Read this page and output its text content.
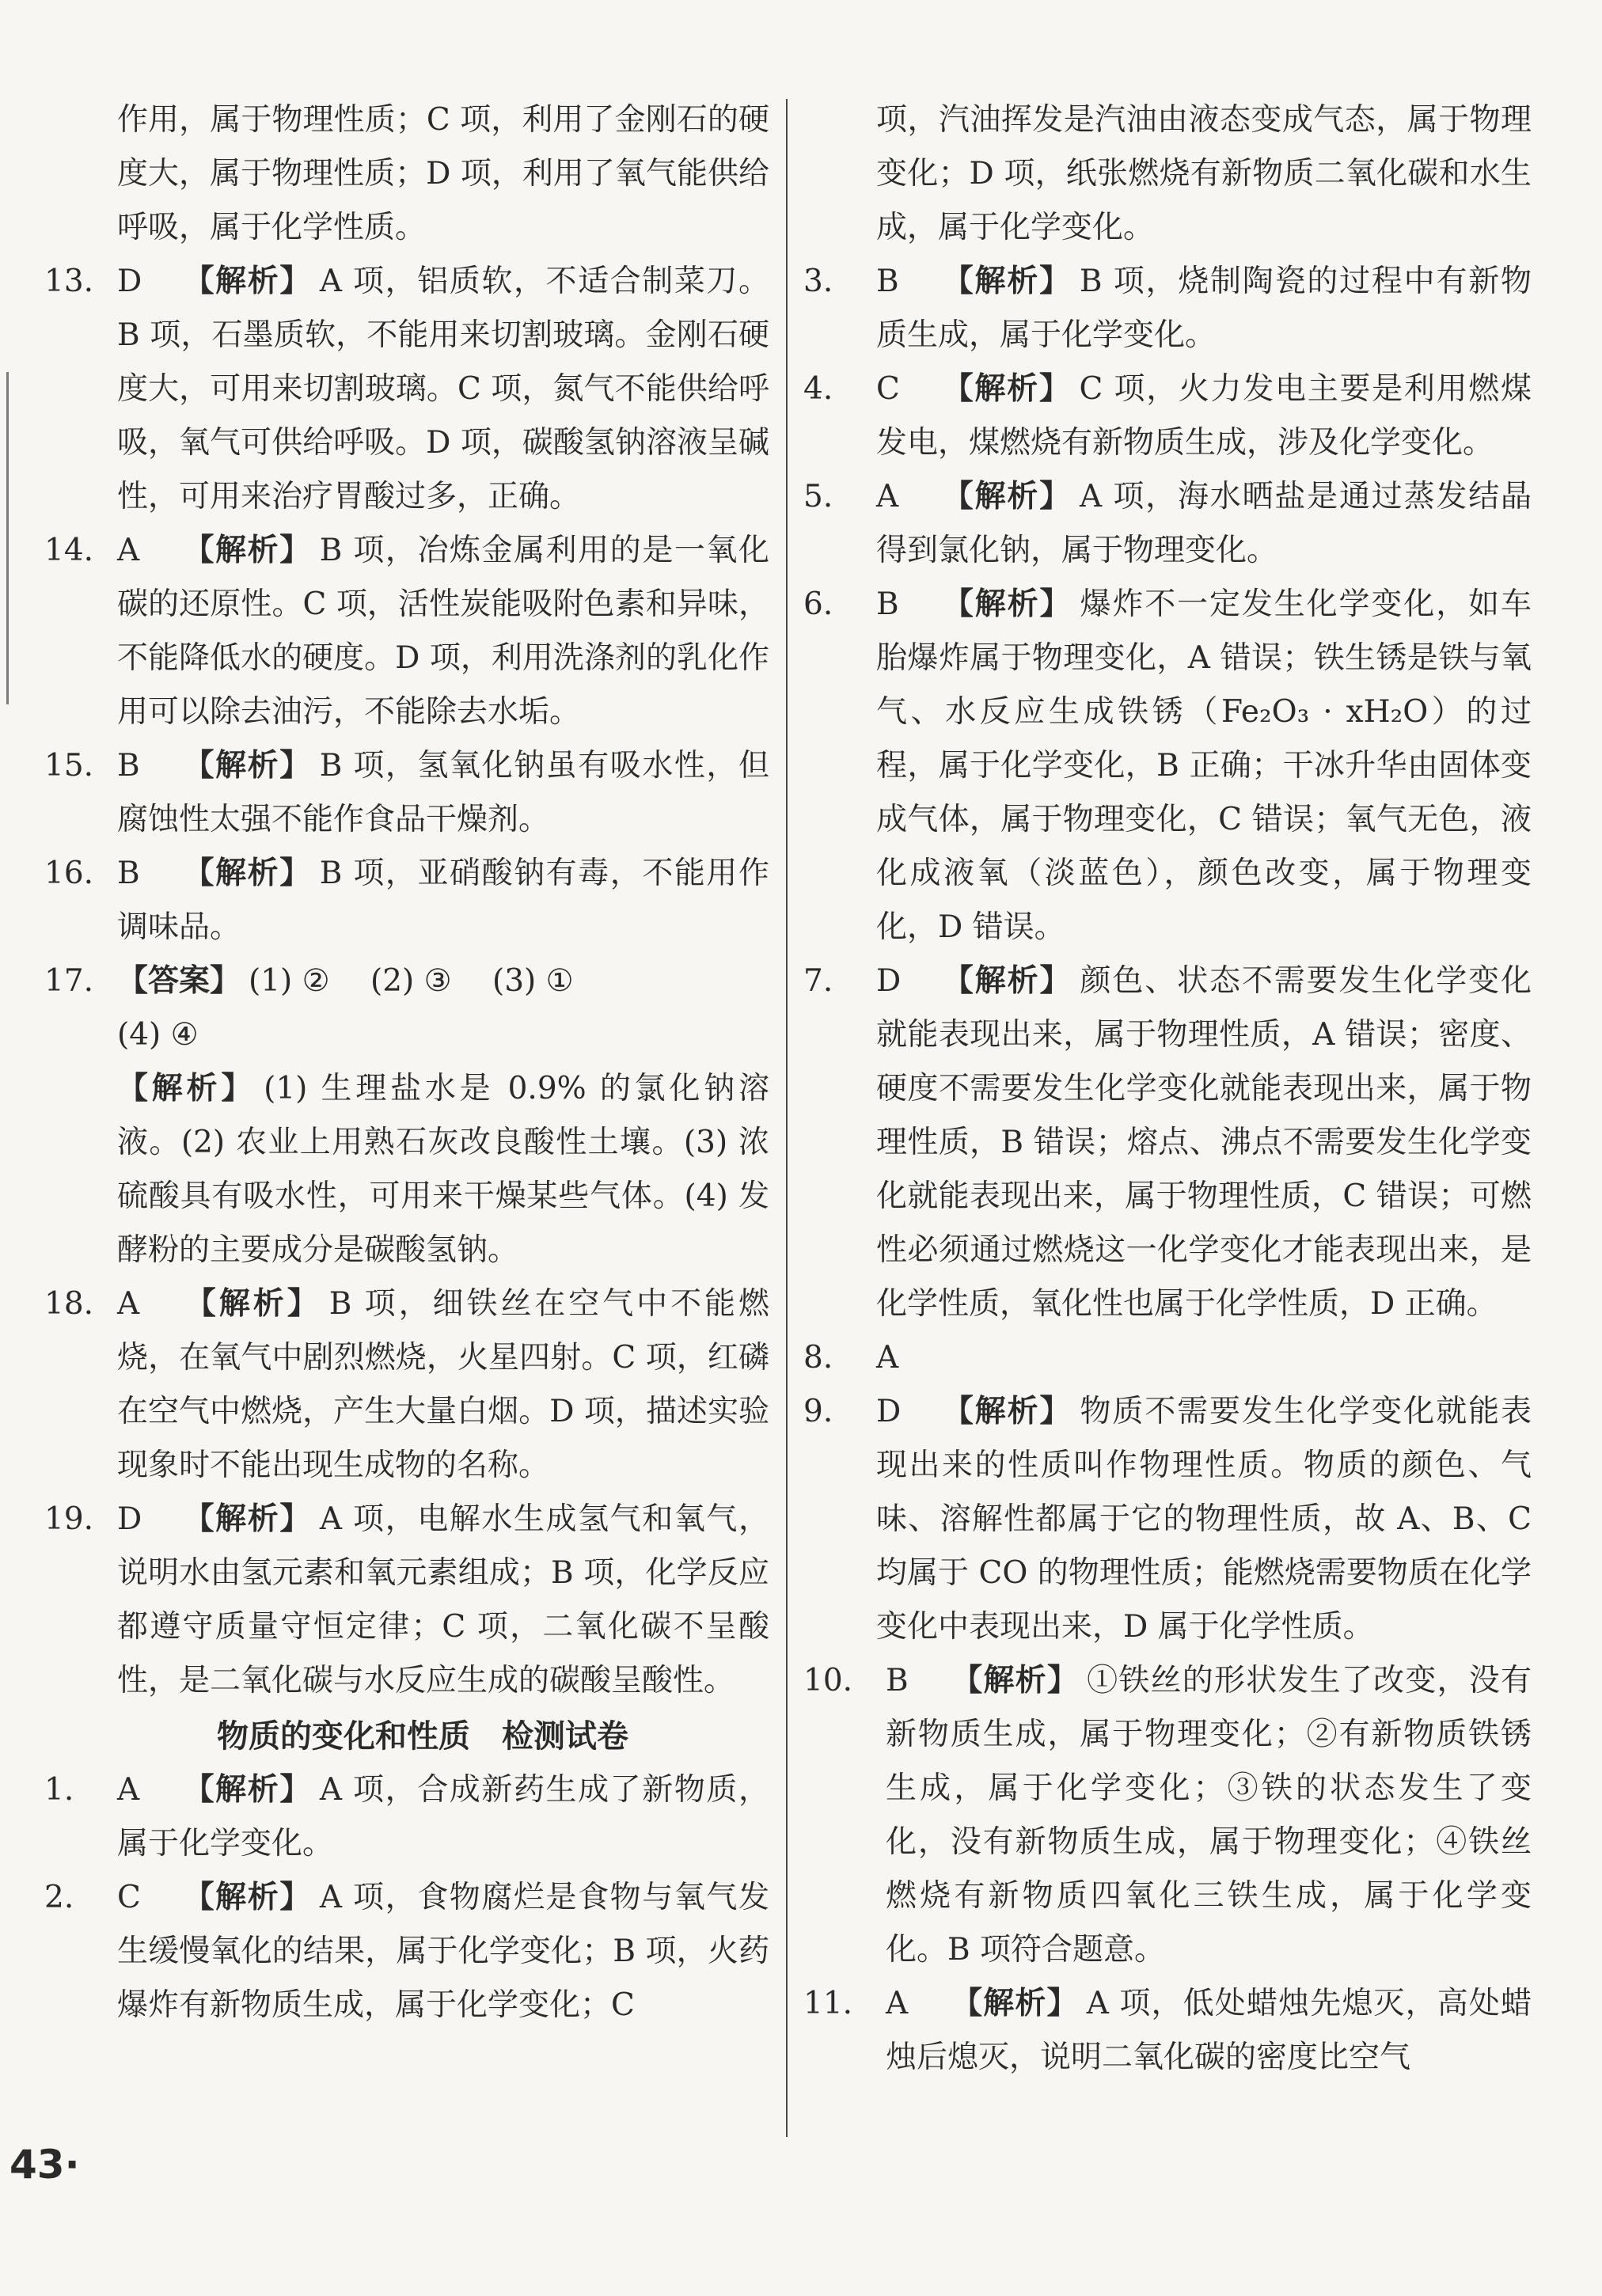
作用，属于物理性质；C 项，利用了金刚石的硬度大，属于物理性质；D 项，利用了氧气能供给呼吸，属于化学性质。
13. D 【解析】 A 项，铝质软，不适合制菜刀。B 项，石墨质软，不能用来切割玻璃。金刚石硬度大，可用来切割玻璃。C 项，氮气不能供给呼吸，氧气可供给呼吸。D 项，碳酸氢钠溶液呈碱性，可用来治疗胃酸过多，正确。
14. A 【解析】 B 项，冶炼金属利用的是一氧化碳的还原性。C 项，活性炭能吸附色素和异味，不能降低水的硬度。D 项，利用洗涤剂的乳化作用可以除去油污，不能除去水垢。
15. B 【解析】 B 项，氢氧化钠虽有吸水性，但腐蚀性太强不能作食品干燥剂。
16. B 【解析】 B 项，亚硝酸钠有毒，不能用作调味品。
17. 【答案】 (1) ②　 (2) ③　 (3) ①
(4) ④
【解析】 (1) 生理盐水是 0.9% 的氯化钠溶液。(2) 农业上用熟石灰改良酸性土壤。(3) 浓硫酸具有吸水性，可用来干燥某些气体。(4) 发酵粉的主要成分是碳酸氢钠。
18. A 【解析】 B 项，细铁丝在空气中不能燃烧，在氧气中剧烈燃烧，火星四射。C 项，红磷在空气中燃烧，产生大量白烟。D 项，描述实验现象时不能出现生成物的名称。
19. D 【解析】 A 项，电解水生成氢气和氧气，说明水由氢元素和氧元素组成；B 项，化学反应都遵守质量守恒定律；C 项，二氧化碳不呈酸性，是二氧化碳与水反应生成的碳酸呈酸性。
物质的变化和性质　检测试卷
1.	A 【解析】 A 项，合成新药生成了新物质，属于化学变化。
2.	C 【解析】 A 项，食物腐烂是食物与氧气发生缓慢氧化的结果，属于化学变化；B 项，火药爆炸有新物质生成，属于化学变化；C
项，汽油挥发是汽油由液态变成气态，属于物理变化；D 项，纸张燃烧有新物质二氧化碳和水生成，属于化学变化。
3.	B 【解析】 B 项，烧制陶瓷的过程中有新物质生成，属于化学变化。
4.	C 【解析】 C 项，火力发电主要是利用燃煤发电，煤燃烧有新物质生成，涉及化学变化。
5.	A 【解析】 A 项，海水晒盐是通过蒸发结晶得到氯化钠，属于物理变化。
6.	B 【解析】 爆炸不一定发生化学变化，如车胎爆炸属于物理变化，A 错误；铁生锈是铁与氧气、水反应生成铁锈（Fe₂O₃ · xH₂O）的过程，属于化学变化，B 正确；干冰升华由固体变成气体，属于物理变化，C 错误；氧气无色，液化成液氧（淡蓝色），颜色改变，属于物理变化，D 错误。
7.	D 【解析】 颜色、状态不需要发生化学变化就能表现出来，属于物理性质，A 错误；密度、硬度不需要发生化学变化就能表现出来，属于物理性质，B 错误；熔点、沸点不需要发生化学变化就能表现出来，属于物理性质，C 错误；可燃性必须通过燃烧这一化学变化才能表现出来，是化学性质，氧化性也属于化学性质，D 正确。
8.	A
9.	D 【解析】 物质不需要发生化学变化就能表现出来的性质叫作物理性质。物质的颜色、气味、溶解性都属于它的物理性质，故 A、B、C 均属于 CO 的物理性质；能燃烧需要物质在化学变化中表现出来，D 属于化学性质。
10.	B 【解析】 ①铁丝的形状发生了改变，没有新物质生成，属于物理变化；②有新物质铁锈生成，属于化学变化；③铁的状态发生了变化，没有新物质生成，属于物理变化；④铁丝燃烧有新物质四氧化三铁生成，属于化学变化。B 项符合题意。
11.	A 【解析】 A 项，低处蜡烛先熄灭，高处蜡烛后熄灭，说明二氧化碳的密度比空气
43·
